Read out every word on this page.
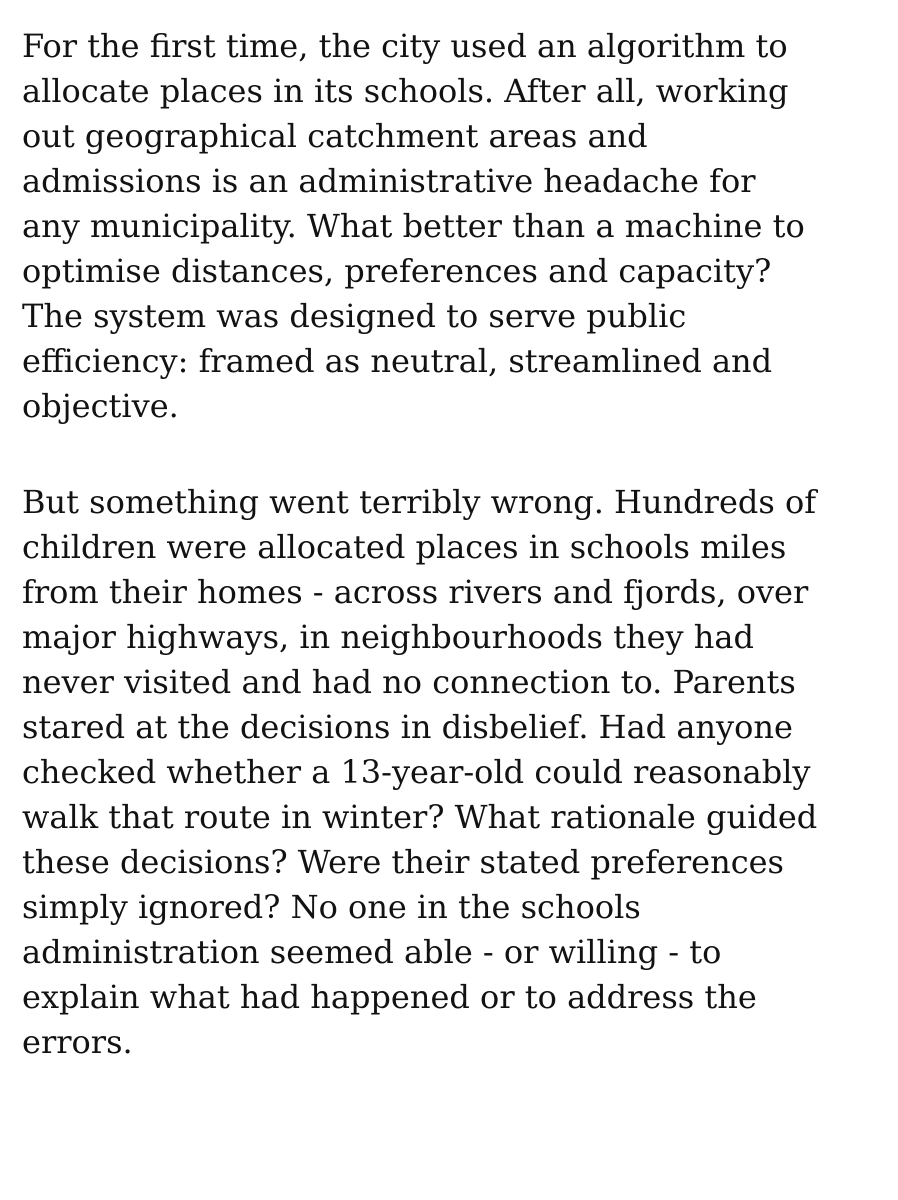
For the first time, the city used an algorithm to
allocate places in its schools. After all, working
out geographical catchment areas and
admissions is an administrative headache for
any municipality. What better than a machine to
optimise distances, preferences and capacity?
The system was designed to serve public
efficiency: framed as neutral, streamlined and
objective.

But something went terribly wrong. Hundreds of
children were allocated places in schools miles
from their homes - across rivers and fjords, over
major highways, in neighbourhoods they had
never visited and had no connection to. Parents
stared at the decisions in disbelief. Had anyone
checked whether a 13-year-old could reasonably
walk that route in winter? What rationale guided
these decisions? Were their stated preferences
simply ignored? No one in the schools
administration seemed able - or willing - to
explain what had happened or to address the
errors.
